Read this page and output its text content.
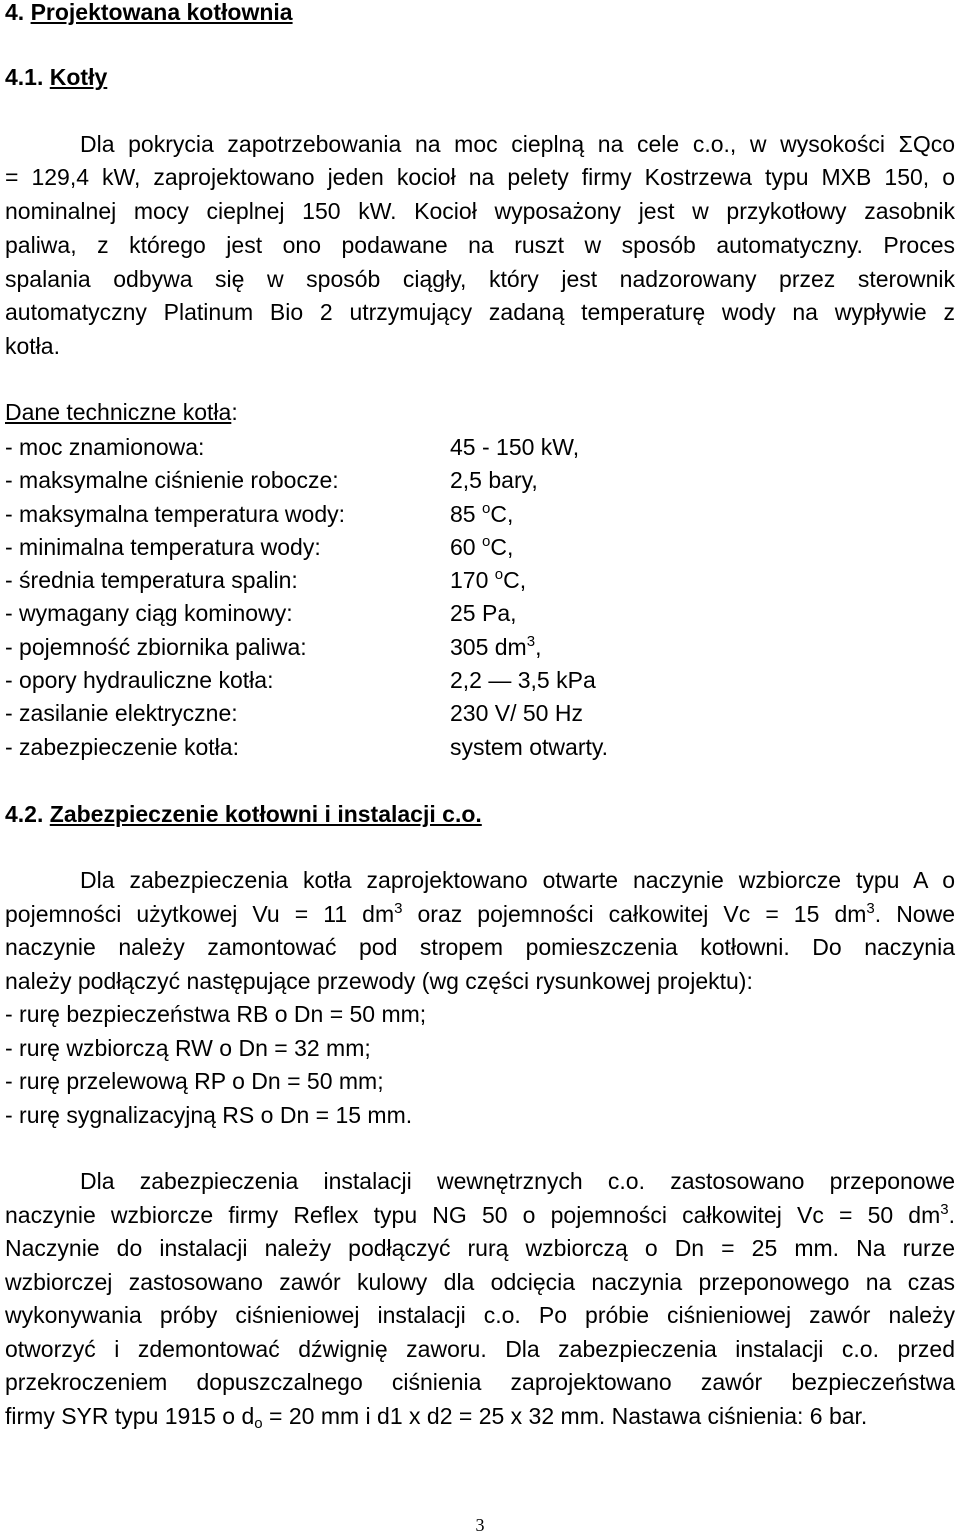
4. Projektowana kotłownia
4.1. Kotły
Dla pokrycia zapotrzebowania na moc cieplną na cele c.o., w wysokości ΣQco
= 129,4 kW, zaprojektowano jeden kocioł na pelety firmy Kostrzewa typu MXB 150, o
nominalnej mocy cieplnej 150 kW. Kocioł wyposażony jest w przykotłowy zasobnik
paliwa, z którego jest ono podawane na ruszt w sposób automatyczny. Proces
spalania odbywa się w sposób ciągły, który jest nadzorowany przez sterownik
automatyczny Platinum Bio 2 utrzymujący zadaną temperaturę wody na wypływie z
kotła.
Dane techniczne kotła:
- moc znamionowa:	45 - 150 kW,
- maksymalne ciśnienie robocze:	2,5 bary,
- maksymalna temperatura wody:	85 $^o$C,
- minimalna temperatura wody:	60 $^o$C,
- średnia temperatura spalin:	170 $^o$C,
- wymagany ciąg kominowy:	25 Pa,
- pojemność zbiornika paliwa:	305 $dm^3$,
- opory hydrauliczne kotła:	2,2 — 3,5 kPa
- zasilanie elektryczne:	230 V/ 50 Hz
- zabezpieczenie kotła:	system otwarty.
4.2. Zabezpieczenie kotłowni i instalacji c.o.
Dla zabezpieczenia kotła zaprojektowano otwarte naczynie wzbiorcze typu A o
pojemności użytkowej Vu = 11 $dm^3$ oraz pojemności całkowitej Vc = 15 $dm^3$. Nowe
naczynie należy zamontować pod stropem pomieszczenia kotłowni. Do naczynia
należy podłączyć następujące przewody (wg części rysunkowej projektu):
- rurę bezpieczeństwa RB o Dn = 50 mm;
- rurę wzbiorczą RW o Dn = 32 mm;
- rurę przelewową RP o Dn = 50 mm;
- rurę sygnalizacyjną RS o Dn = 15 mm.
Dla zabezpieczenia instalacji wewnętrznych c.o. zastosowano przeponowe
naczynie wzbiorcze firmy Reflex typu NG 50 o pojemności całkowitej Vc = 50 $dm^3$.
Naczynie do instalacji należy podłączyć rurą wzbiorczą o Dn = 25 mm. Na rurze
wzbiorczej zastosowano zawór kulowy dla odcięcia naczynia przeponowego na czas
wykonywania próby ciśnieniowej instalacji c.o. Po próbie ciśnieniowej zawór należy
otworzyć i zdemontować dźwignię zaworu. Dla zabezpieczenia instalacji c.o. przed
przekroczeniem dopuszczalnego ciśnienia zaprojektowano zawór bezpieczeństwa
firmy SYR typu 1915 o $d_o = 20$ mm i d1 x d2 = 25 x 32 mm. Nastawa ciśnienia: 6 bar.
3
